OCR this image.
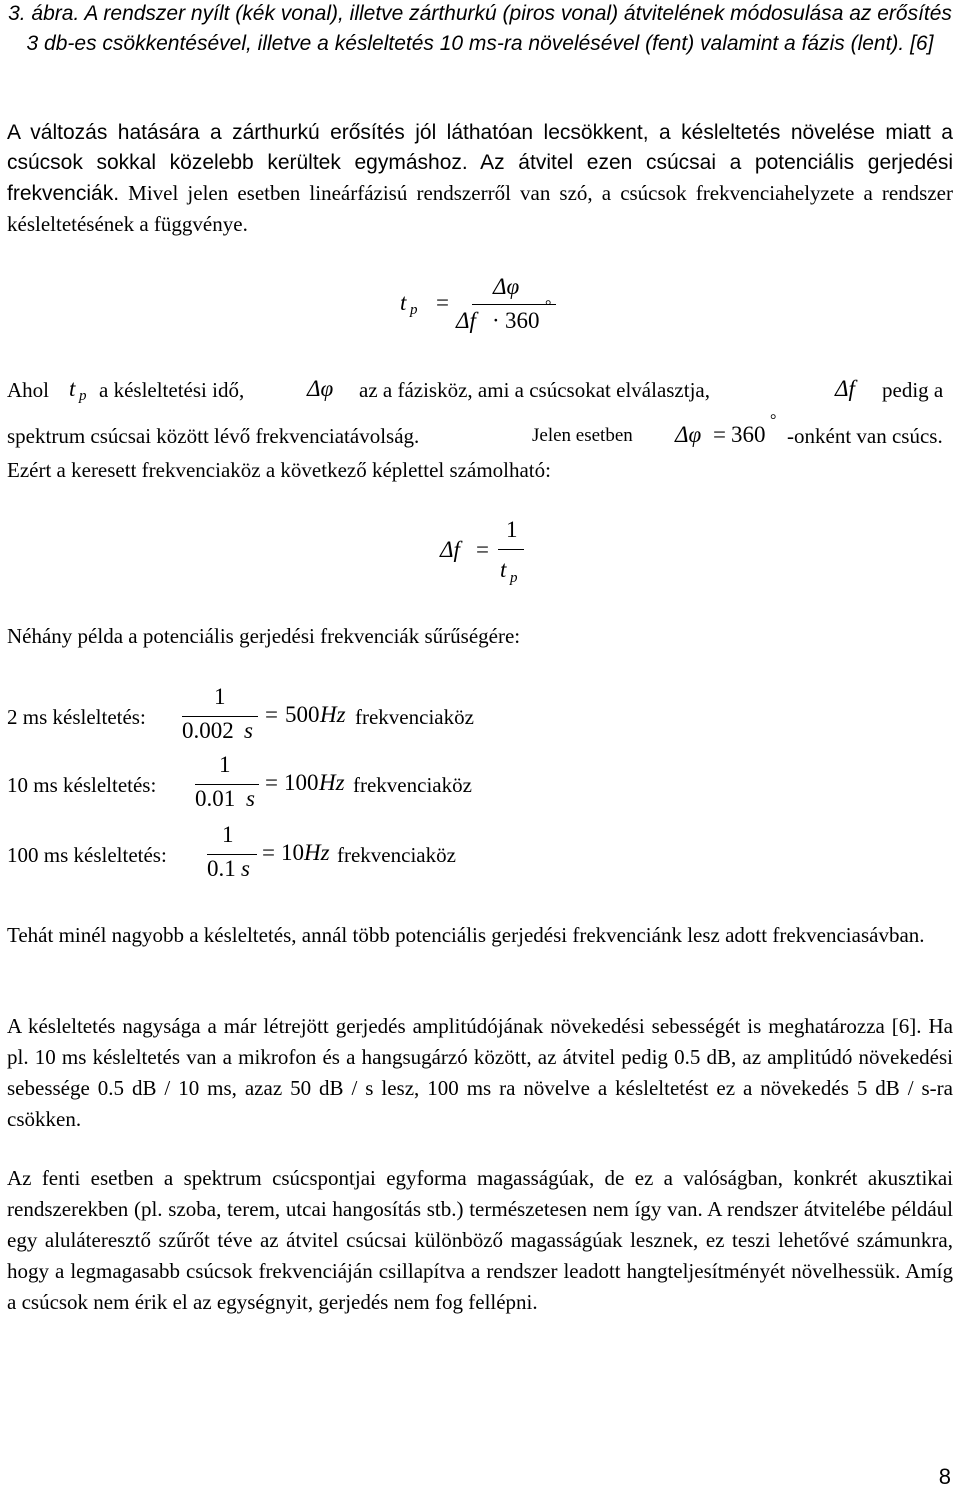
3. ábra. A rendszer nyílt (kék vonal), illetve zárthurkú (piros vonal) átvitelének módosulása az erősítés 3 db-es csökkentésével, illetve a késleltetés 10 ms-ra növelésével (fent) valamint a fázis (lent). [6]
A változás hatására a zárthurkú erősítés jól láthatóan lecsökkent, a késleltetés növelése miatt a csúcsok sokkal közelebb kerültek egymáshoz. Az átvitel ezen csúcsai a potenciális gerjedési frekvenciák. Mivel jelen esetben lineárfázisú rendszerről van szó, a csúcsok frekvenciahelyzete a rendszer késleltetésének a függvénye.
t p =
Δφ
Δf · 360
°
Ahol t p a késleltetési idő,	Δφ az a fázisköz, ami a csúcsokat elválasztja,	Δf pedig a
spektrum csúcsai között lévő frekvenciatávolság.	Jelen esetben Δφ = 360
°
-onként van csúcs.
Ezért a keresett frekvenciaköz a következő képlettel számolható:
Δf =
1
t p
Néhány példa a potenciális gerjedési frekvenciák sűrűségére:
2 ms késleltetés:
1
0.002 s
= 500 Hz frekvenciaköz
10 ms késleltetés:
1
0.01 s
= 100 Hz frekvenciaköz
100 ms késleltetés:
1
0.1 s
= 10 Hz frekvenciaköz
Tehát minél nagyobb a késleltetés, annál több potenciális gerjedési frekvenciánk lesz adott frekvenciasávban.
A késleltetés nagysága a már létrejött gerjedés amplitúdójának növekedési sebességét is meghatározza [6]. Ha pl. 10 ms késleltetés van a mikrofon és a hangsugárzó között, az átvitel pedig 0.5 dB, az amplitúdó növekedési sebessége 0.5 dB / 10 ms, azaz 50 dB / s lesz, 100 ms ra növelve a késleltetést ez a növekedés 5 dB / s-ra csökken.
Az fenti esetben a spektrum csúcspontjai egyforma magasságúak, de ez a valóságban, konkrét akusztikai rendszerekben (pl. szoba, terem, utcai hangosítás stb.) természetesen nem így van. A rendszer átvitelébe például egy aluláteresztő szűrőt téve az átvitel csúcsai különböző magasságúak lesznek, ez teszi lehetővé számunkra, hogy a legmagasabb csúcsok frekvenciáján csillapítva a rendszer leadott hangteljesítményét növelhessük. Amíg a csúcsok nem érik el az egységnyit, gerjedés nem fog fellépni.
8
